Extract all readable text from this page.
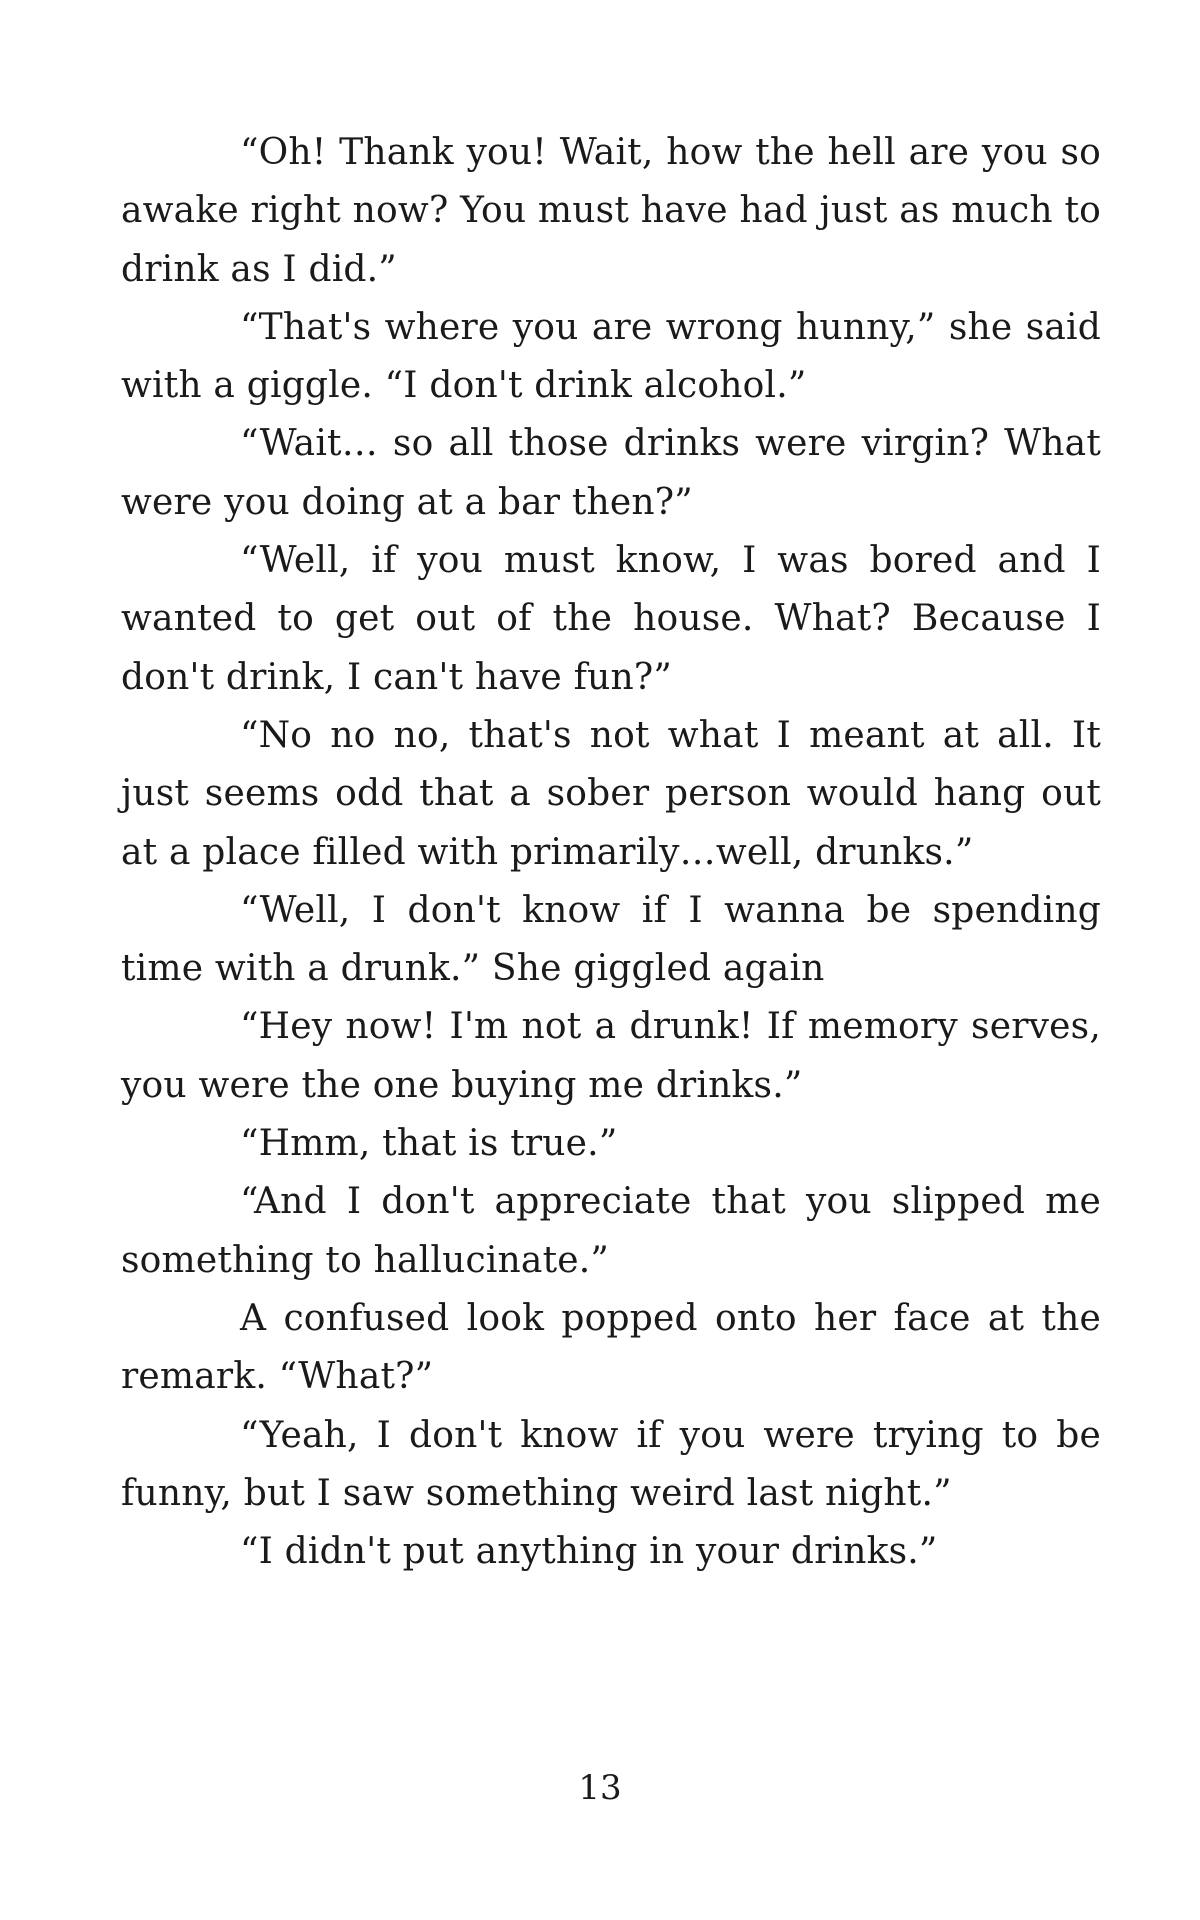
“Oh! Thank you! Wait, how the hell are you so awake right now? You must have had just as much to drink as I did.”

“That's where you are wrong hunny,” she said with a giggle. “I don't drink alcohol.”

“Wait… so all those drinks were virgin? What were you doing at a bar then?”

“Well, if you must know, I was bored and I wanted to get out of the house. What? Because I don't drink, I can't have fun?”

“No no no, that's not what I meant at all. It just seems odd that a sober person would hang out at a place filled with primarily…well, drunks.”

“Well, I don't know if I wanna be spending time with a drunk.” She giggled again

“Hey now! I'm not a drunk! If memory serves, you were the one buying me drinks.”

“Hmm, that is true.”

“And I don't appreciate that you slipped me something to hallucinate.”

A confused look popped onto her face at the remark. “What?”

“Yeah, I don't know if you were trying to be funny, but I saw something weird last night.”

“I didn't put anything in your drinks.”

13
